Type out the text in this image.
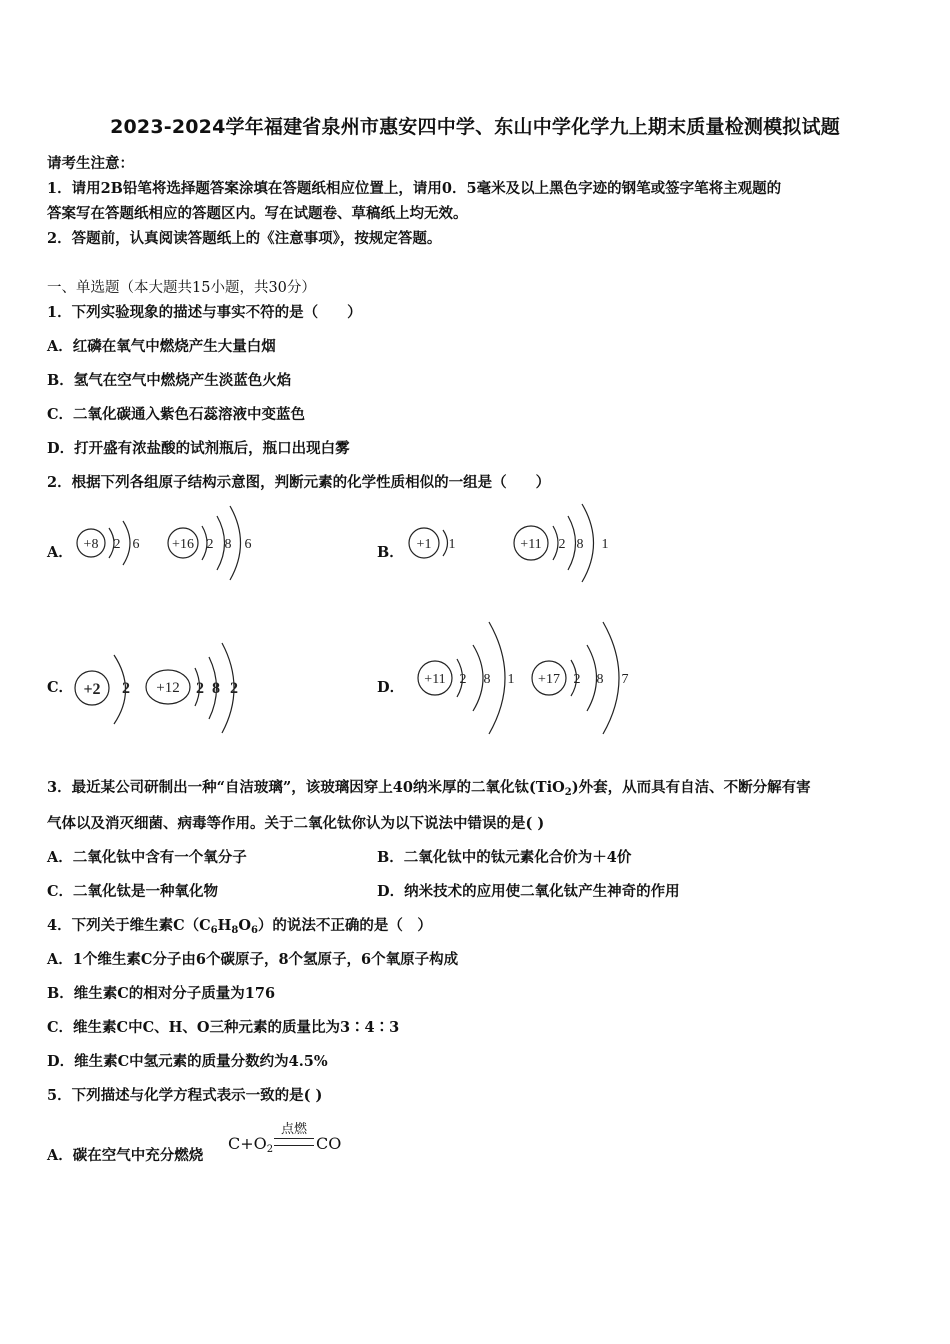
2023-2024学年福建省泉州市惠安四中学、东山中学化学九上期末质量检测模拟试题
请考生注意：
1．请用2B铅笔将选择题答案涂填在答题纸相应位置上，请用0．5毫米及以上黑色字迹的钢笔或签字笔将主观题的
答案写在答题纸相应的答题区内。写在试题卷、草稿纸上均无效。
2．答题前，认真阅读答题纸上的《注意事项》，按规定答题。
一、单选题（本大题共15小题，共30分）
1．下列实验现象的描述与事实不符的是（　　）
A．红磷在氧气中燃烧产生大量白烟
B．氢气在空气中燃烧产生淡蓝色火焰
C．二氧化碳通入紫色石蕊溶液中变蓝色
D．打开盛有浓盐酸的试剂瓶后，瓶口出现白雾
2．根据下列各组原子结构示意图，判断元素的化学性质相似的一组是（　　）
A．	B．
C．	D．
+8 2 6 +16 2 8 6	+1 1	+11 2 8 1
+2 2 +12 2 8 2
+11 2 8 1 +17 2 8 7
3．最近某公司研制出一种“自洁玻璃”，该玻璃因穿上40纳米厚的二氧化钛(TiO$_2$)外套，从而具有自洁、不断分解有害
气体以及消灭细菌、病毒等作用。关于二氧化钛你认为以下说法中错误的是( )
A．二氧化钛中含有一个氧分子	B．二氧化钛中的钛元素化合价为＋4价
C．二氧化钛是一种氧化物	D．纳米技术的应用使二氧化钛产生神奇的作用
4．下列关于维生素$C(C_6H_8O_6)$的说法不正确的是（　）
A．1个维生素C分子由6个碳原子，8个氢原子，6个氧原子构成
B．维生素C的相对分子质量为176
C．维生素C中C、H、O三种元素的质量比为3∶4∶3
D．维生素C中氢元素的质量分数约为4.5%
5．下列描述与化学方程式表示一致的是( )
A．碳在空气中充分燃烧
$C+O_2$
点燃
CO
